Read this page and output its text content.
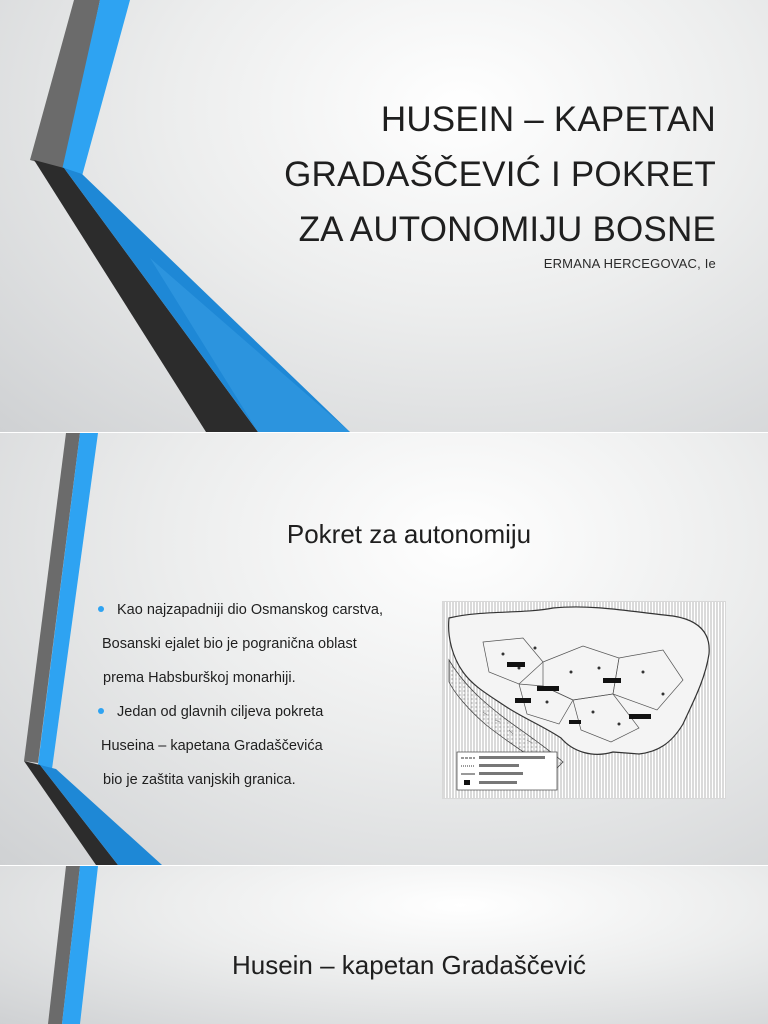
HUSEIN – KAPETAN
GRADAŠČEVIĆ I POKRET
ZA AUTONOMIJU BOSNE
ERMANA HERCEGOVAC, Ie
Pokret za autonomiju
Kao najzapadniji dio Osmanskog carstva,
Bosanski ejalet bio je pogranična oblast
prema Habsburškoj monarhiji.
Jedan od glavnih ciljeva pokreta
Huseina – kapetana Gradaščevića
bio je zaštita vanjskih granica.
Husein – kapetan Gradaščević
